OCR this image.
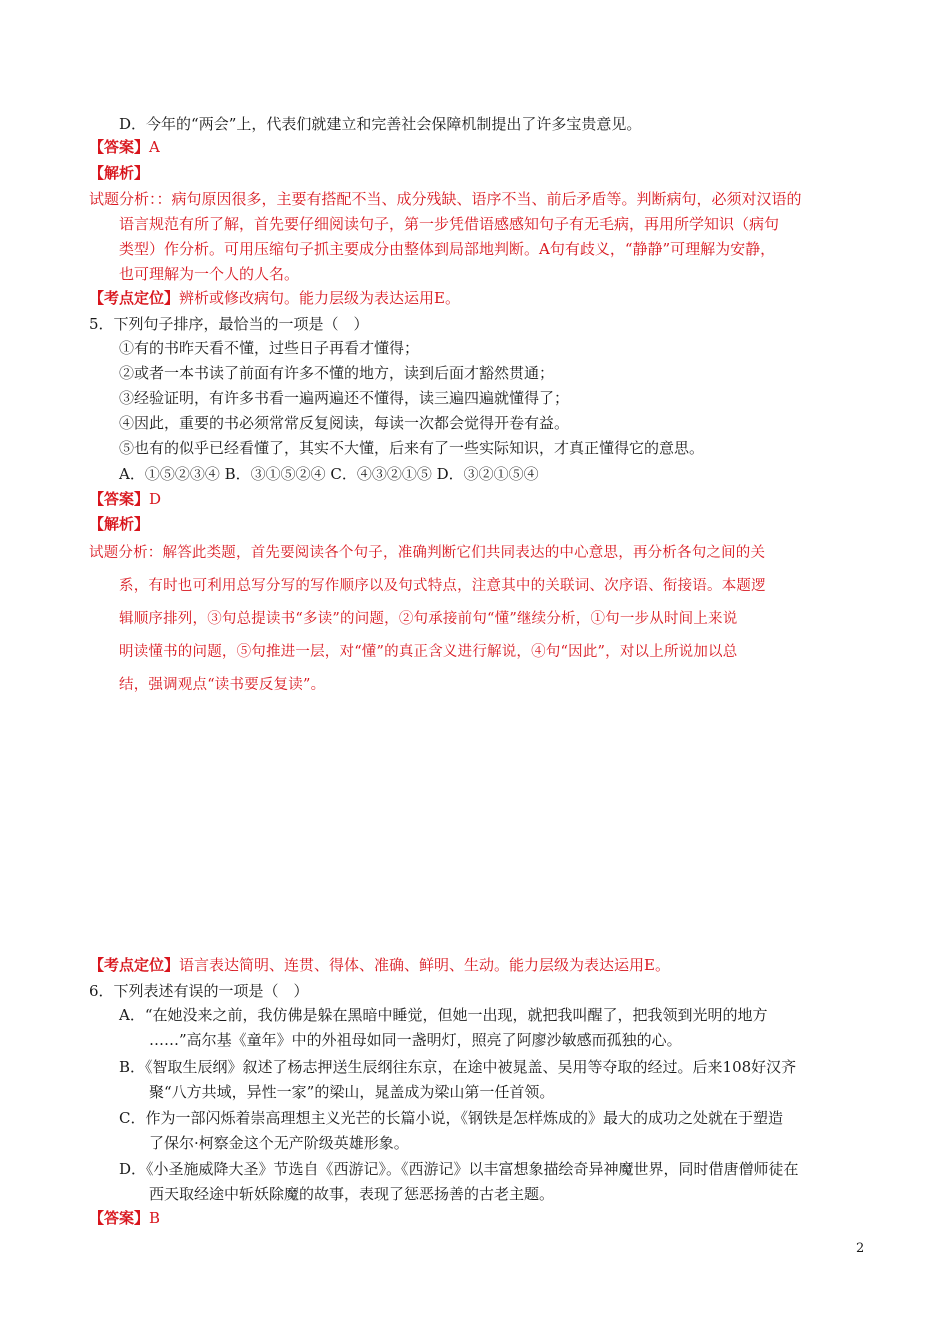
D．今年的“两会”上，代表们就建立和完善社会保障机制提出了许多宝贵意见。
【答案】A
【解析】
试题分析：：病句原因很多，主要有搭配不当、成分残缺、语序不当、前后矛盾等。判断病句，必须对汉语的
语言规范有所了解，首先要仔细阅读句子，第一步凭借语感感知句子有无毛病，再用所学知识（病句
类型）作分析。可用压缩句子抓主要成分由整体到局部地判断。A句有歧义，“静静”可理解为安静，
也可理解为一个人的人名。
【考点定位】辨析或修改病句。能力层级为表达运用E。
5．下列句子排序，最恰当的一项是（　）
①有的书昨天看不懂，过些日子再看才懂得；
②或者一本书读了前面有许多不懂的地方，读到后面才豁然贯通；
③经验证明，有许多书看一遍两遍还不懂得，读三遍四遍就懂得了；
④因此，重要的书必须常常反复阅读，每读一次都会觉得开卷有益。
⑤也有的似乎已经看懂了，其实不大懂，后来有了一些实际知识，才真正懂得它的意思。
A．①⑤②③④ B．③①⑤②④ C．④③②①⑤ D．③②①⑤④
【答案】D
【解析】
试题分析：解答此类题，首先要阅读各个句子，准确判断它们共同表达的中心意思，再分析各句之间的关
系，有时也可利用总写分写的写作顺序以及句式特点，注意其中的关联词、次序语、衔接语。本题逻
辑顺序排列，③句总提读书“多读”的问题，②句承接前句“懂”继续分析，①句一步从时间上来说
明读懂书的问题，⑤句推进一层，对“懂”的真正含义进行解说，④句“因此”，对以上所说加以总
结，强调观点“读书要反复读”。
【考点定位】语言表达简明、连贯、得体、准确、鲜明、生动。能力层级为表达运用E。
6．下列表述有误的一项是（　）
A．“在她没来之前，我仿佛是躲在黑暗中睡觉，但她一出现，就把我叫醒了，把我领到光明的地方
……”高尔基《童年》中的外祖母如同一盏明灯，照亮了阿廖沙敏感而孤独的心。
B．《智取生辰纲》叙述了杨志押送生辰纲往东京，在途中被晁盖、吴用等夺取的经过。后来108好汉齐
聚“八方共域，异性一家”的梁山，晁盖成为梁山第一任首领。
C．作为一部闪烁着崇高理想主义光芒的长篇小说，《钢铁是怎样炼成的》最大的成功之处就在于塑造
了保尔·柯察金这个无产阶级英雄形象。
D．《小圣施威降大圣》节选自《西游记》。《西游记》以丰富想象描绘奇异神魔世界，同时借唐僧师徒在
西天取经途中斩妖除魔的故事，表现了惩恶扬善的古老主题。
【答案】B
2
